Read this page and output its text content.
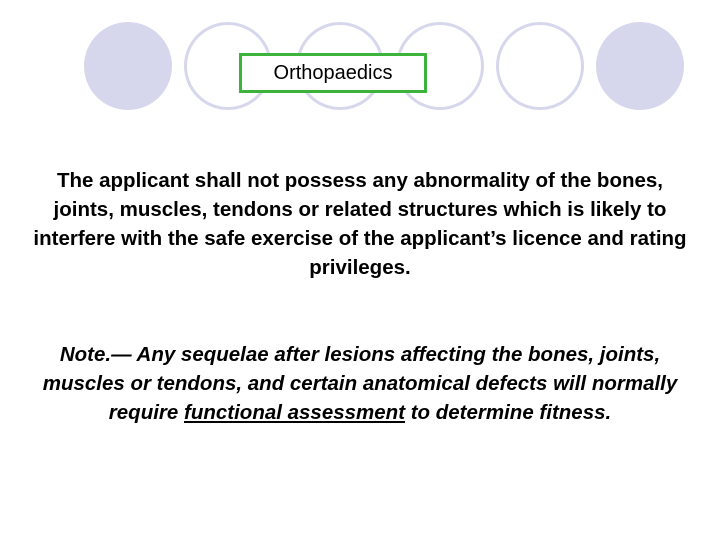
Orthopaedics

The applicant shall not possess any abnormality of the bones, joints, muscles, tendons or related structures which is likely to interfere with the safe exercise of the applicant’s licence and rating privileges.

Note.— Any sequelae after lesions affecting the bones, joints, muscles or tendons, and certain anatomical defects will normally require functional assessment to determine fitness.
